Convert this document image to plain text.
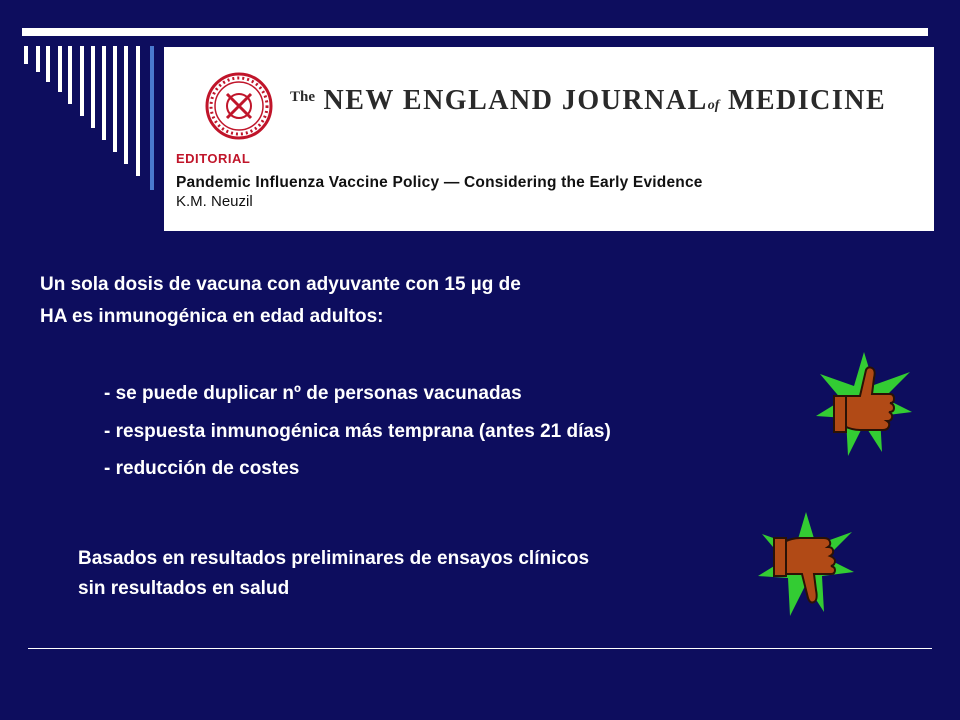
$^{The}$ NEW ENGLAND JOURNALof MEDICINE
EDITORIAL
Pandemic Influenza Vaccine Policy — Considering the Early Evidence
K.M. Neuzil
Un sola dosis de vacuna con adyuvante con 15 µg de
HA es inmunogénica en edad adultos:
- se puede duplicar nº de personas vacunadas
- respuesta inmunogénica más temprana (antes 21 días)
- reducción de costes
Basados en resultados preliminares de ensayos clínicos
sin resultados en salud
